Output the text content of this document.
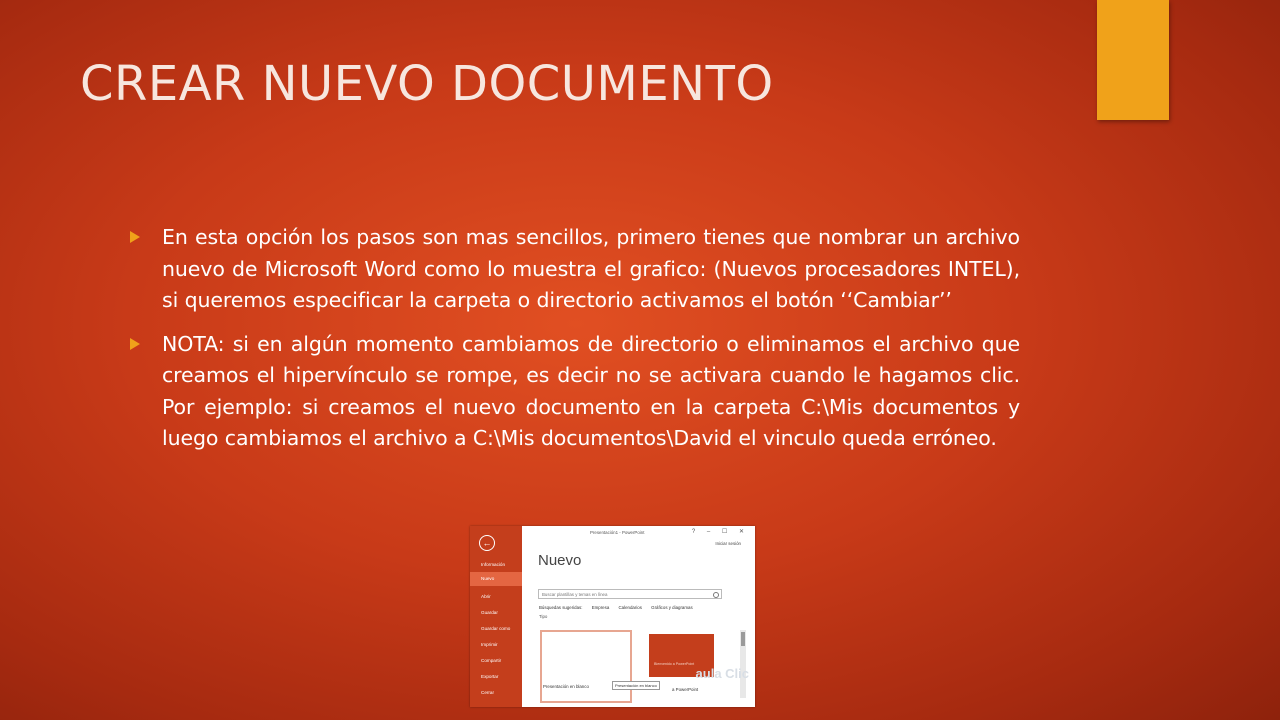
CREAR NUEVO DOCUMENTO

En esta opción los pasos son mas sencillos, primero tienes que nombrar un archivo nuevo de Microsoft Word como lo muestra el grafico: (Nuevos procesadores INTEL), si queremos especificar la carpeta o directorio activamos el botón ‘‘Cambiar’’

NOTA: si en algún momento cambiamos de directorio o eliminamos el archivo que creamos el hipervínculo se rompe, es decir no se activara cuando le hagamos clic. Por ejemplo: si creamos el nuevo documento en la carpeta C:\Mis documentos y luego cambiamos el archivo a C:\Mis documentos\David el vinculo queda erróneo.

←
Información
Nuevo
Abrir
Guardar
Guardar como
Imprimir
Compartir
Exportar
Cerrar
Presentación1 - PowerPoint	? – ☐ ✕
Iniciar sesión
Nuevo
Buscar plantillas y temas en línea
Búsquedas sugeridas: Empresa Calendarios Gráficos y diagramas
Tipo
Presentación en blanco	Presentación en blanco
Bienvenido a PowerPoint
a PowerPoint
aula Clic
